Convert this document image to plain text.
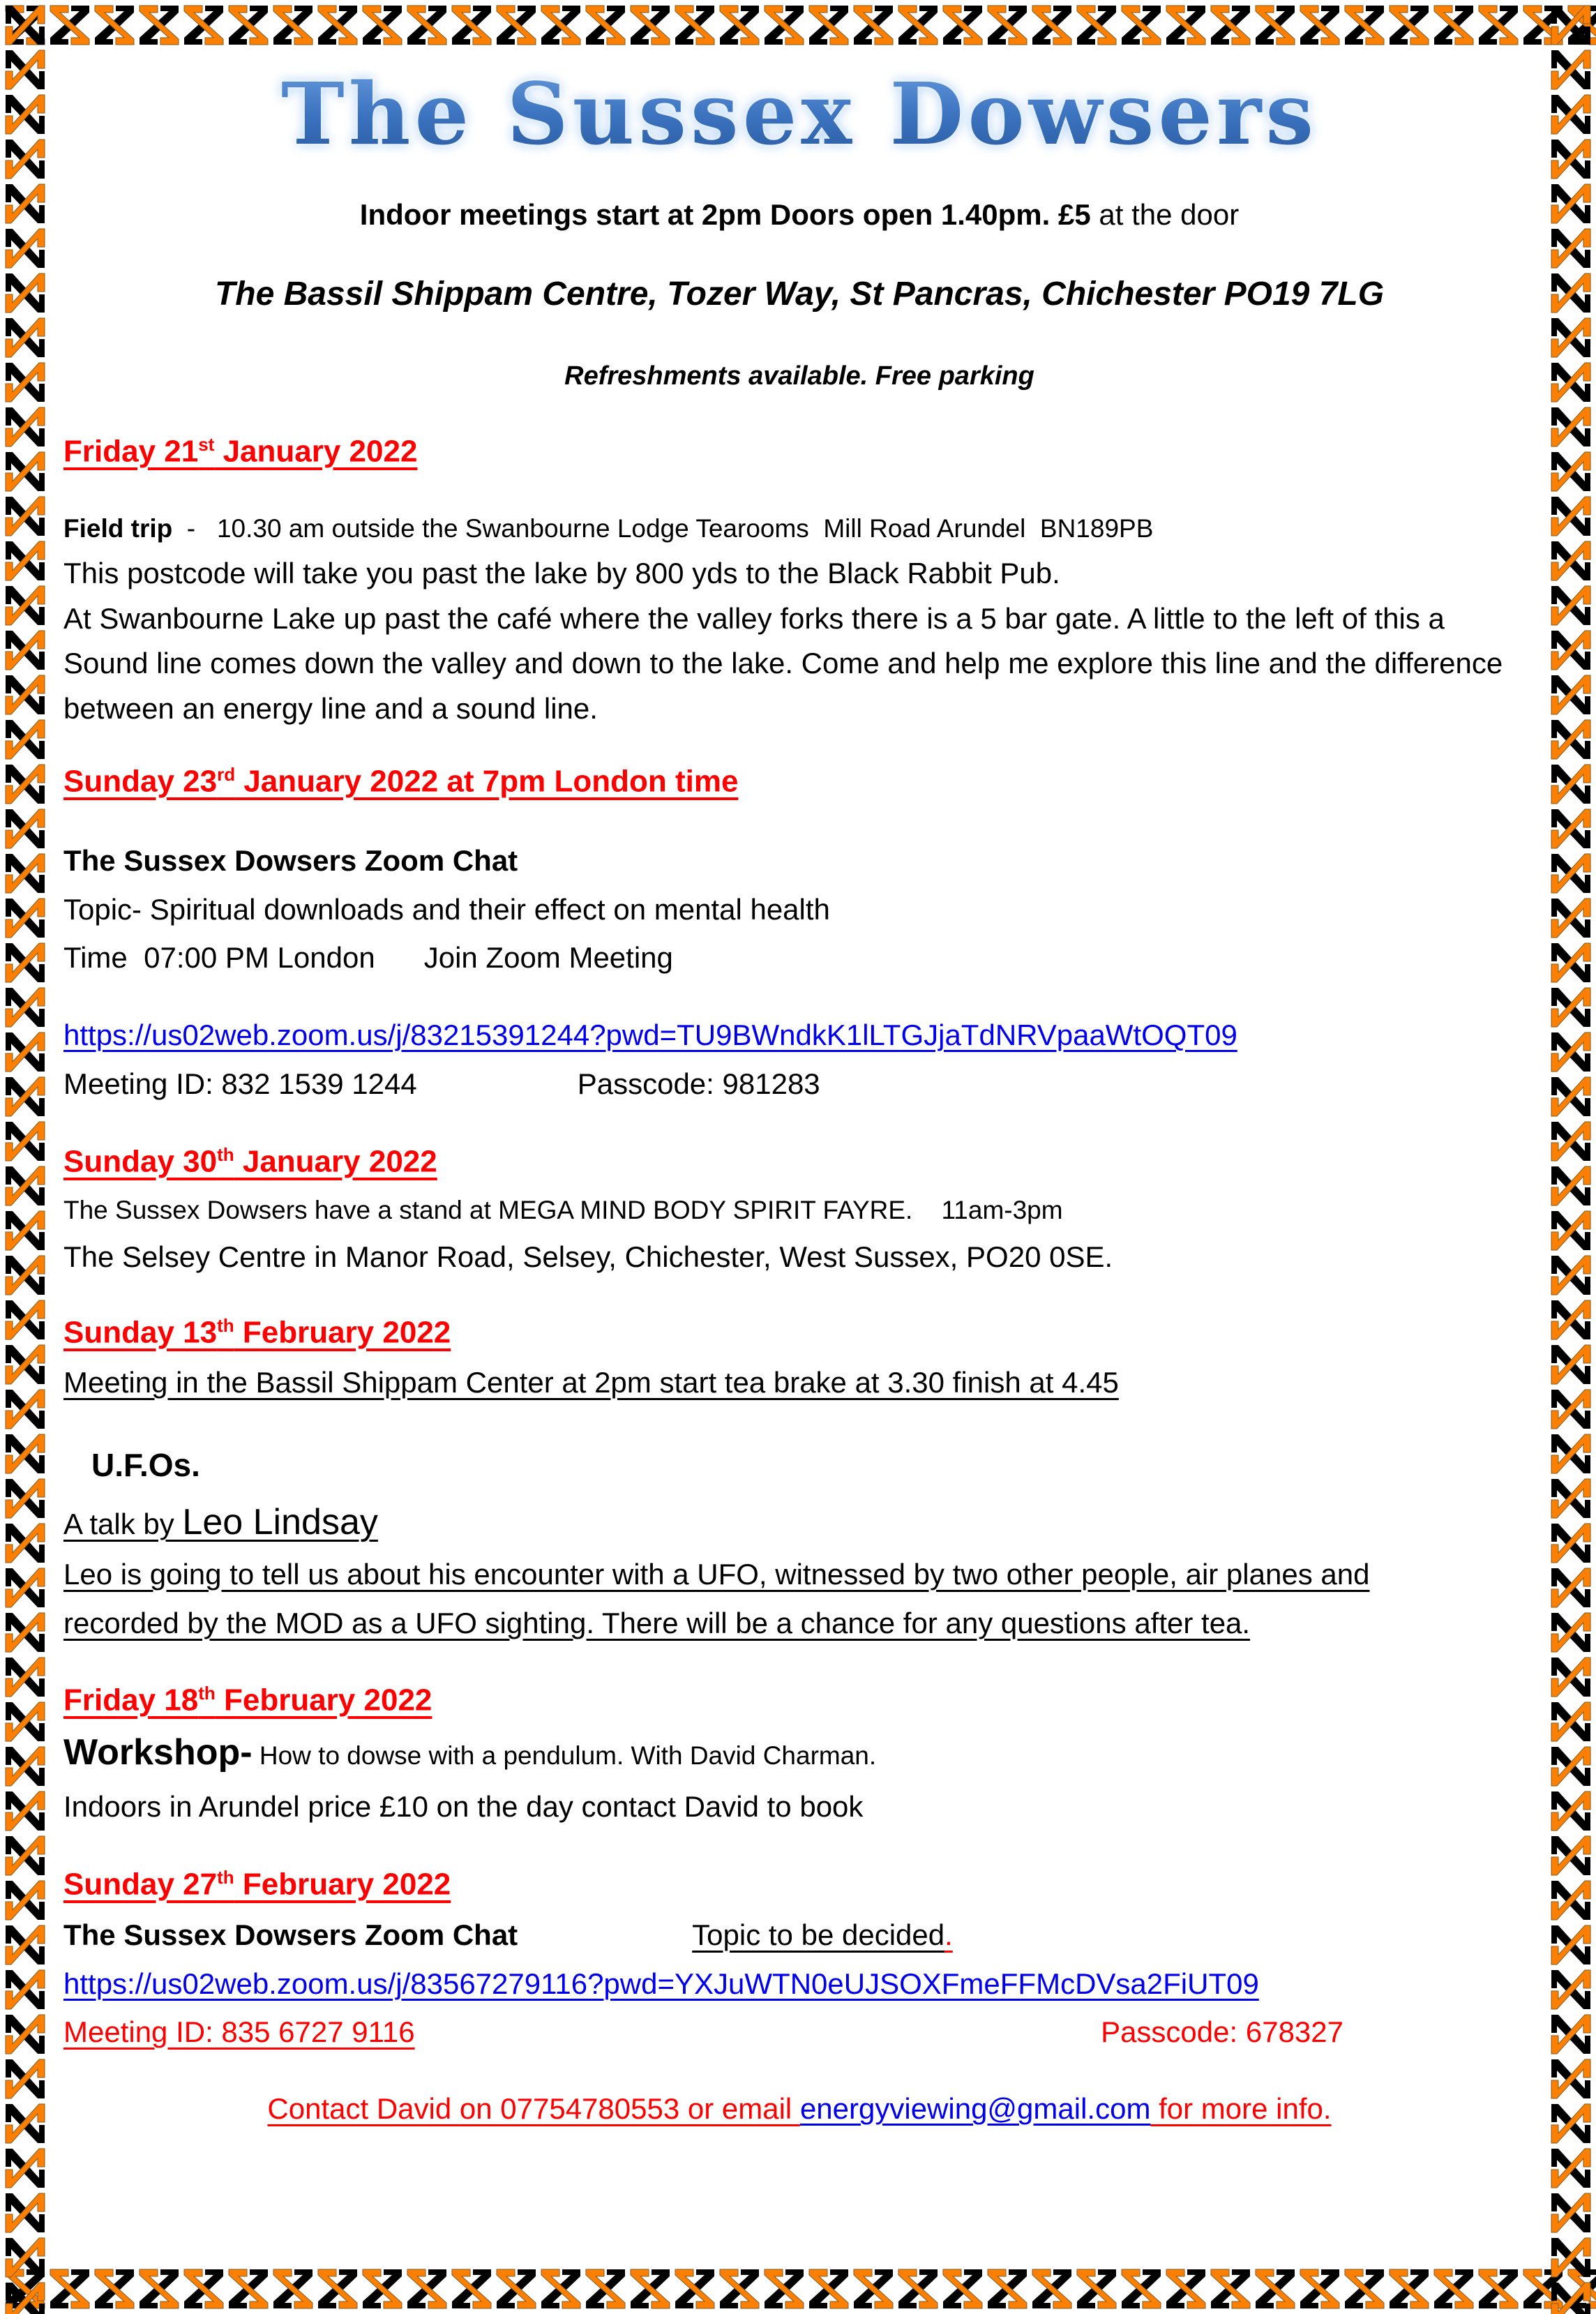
The Sussex Dowsers
Indoor meetings start at 2pm Doors open 1.40pm. £5 at the door
The Bassil Shippam Centre, Tozer Way, St Pancras, Chichester PO19 7LG
Refreshments available. Free parking
Friday 21st January 2022
Field trip  -   10.30 am outside the Swanbourne Lodge Tearooms  Mill Road Arundel  BN189PB
This postcode will take you past the lake by 800 yds to the Black Rabbit Pub.
At Swanbourne Lake up past the café where the valley forks there is a 5 bar gate. A little to the left of this a
Sound line comes down the valley and down to the lake. Come and help me explore this line and the difference
between an energy line and a sound line.
Sunday 23rd January 2022 at 7pm London time
The Sussex Dowsers Zoom Chat
Topic- Spiritual downloads and their effect on mental health
Time  07:00 PM London      Join Zoom Meeting
https://us02web.zoom.us/j/83215391244?pwd=TU9BWndkK1lLTGJjaTdNRVpaaWtOQT09
Meeting ID: 832 1539 1244	Passcode: 981283
Sunday 30th January 2022
The Sussex Dowsers have a stand at MEGA MIND BODY SPIRIT FAYRE.    11am-3pm
The Selsey Centre in Manor Road, Selsey, Chichester, West Sussex, PO20 0SE.
Sunday 13th February 2022
Meeting in the Bassil Shippam Center at 2pm start tea brake at 3.30 finish at 4.45
U.F.Os.
A talk by Leo Lindsay
Leo is going to tell us about his encounter with a UFO, witnessed by two other people, air planes and
recorded by the MOD as a UFO sighting. There will be a chance for any questions after tea.
Friday 18th February 2022
Workshop- How to dowse with a pendulum. With David Charman.
Indoors in Arundel price £10 on the day contact David to book
Sunday 27th February 2022
The Sussex Dowsers Zoom Chat	Topic to be decided.
https://us02web.zoom.us/j/83567279116?pwd=YXJuWTN0eUJSOXFmeFFMcDVsa2FiUT09
Meeting ID: 835 6727 9116	Passcode: 678327
Contact David on 07754780553 or email energyviewing@gmail.com for more info.
